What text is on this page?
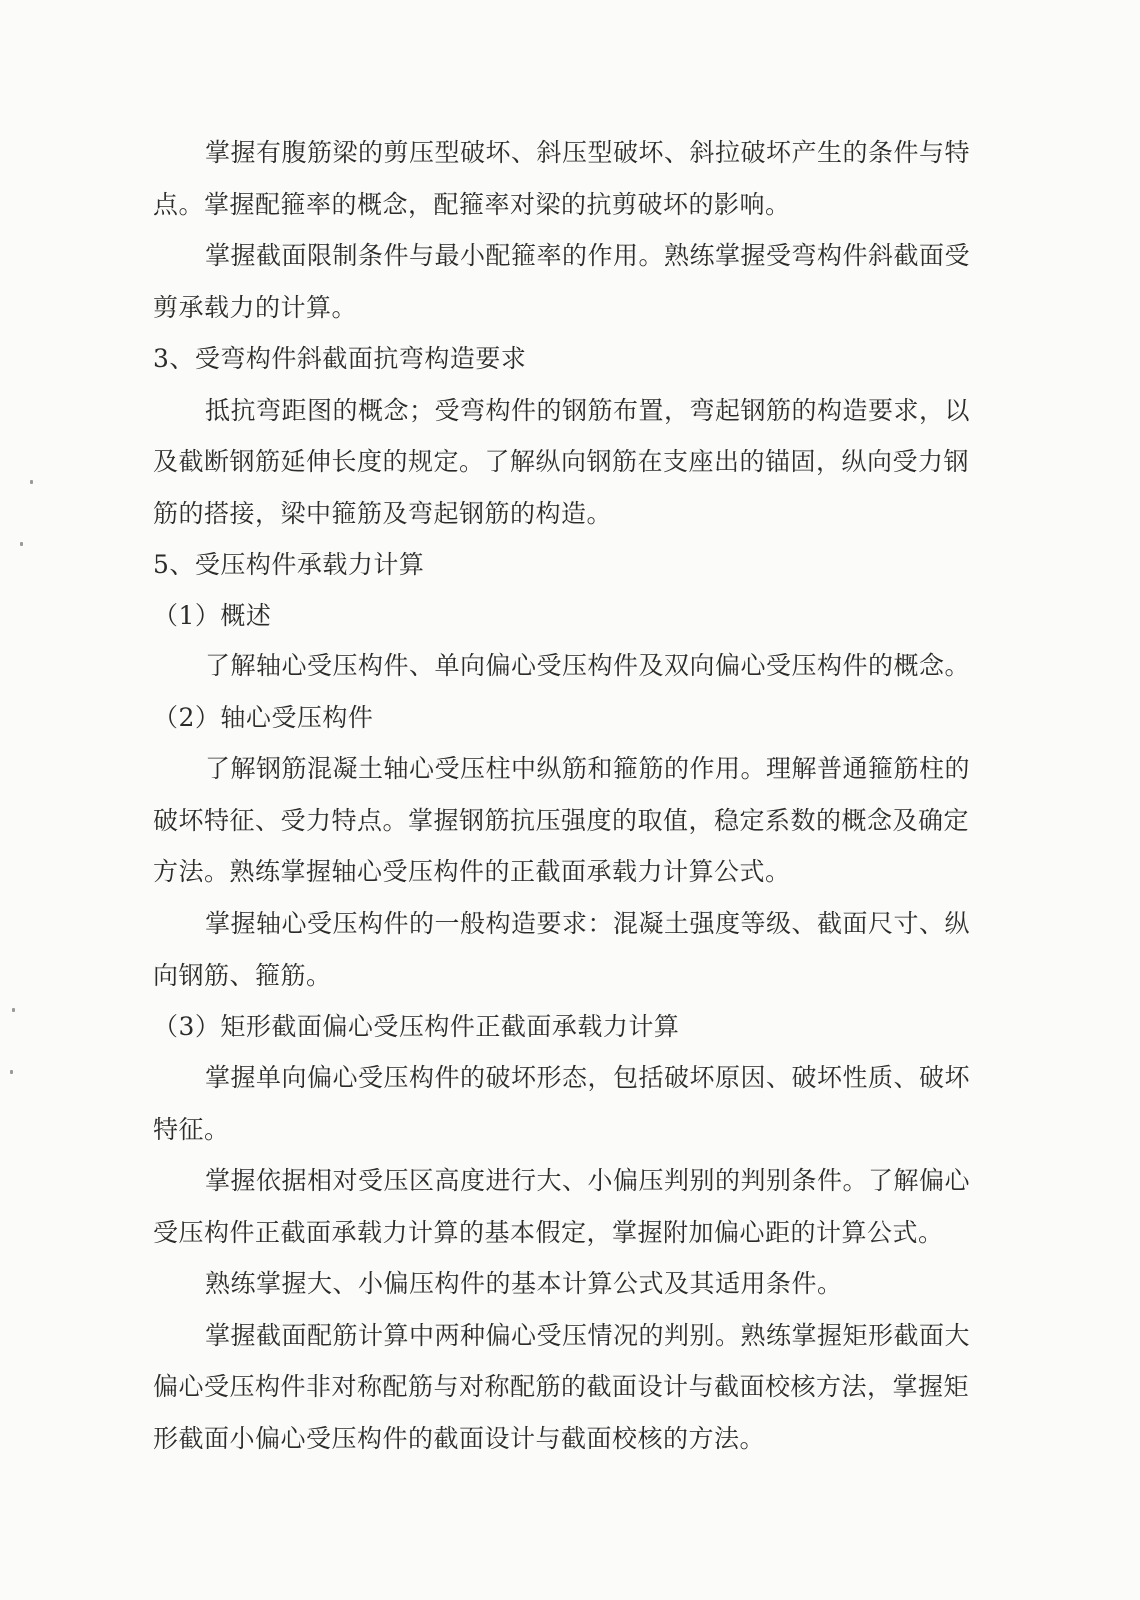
掌握有腹筋梁的剪压型破坏、斜压型破坏、斜拉破坏产生的条件与特
点。掌握配箍率的概念，配箍率对梁的抗剪破坏的影响。
掌握截面限制条件与最小配箍率的作用。熟练掌握受弯构件斜截面受
剪承载力的计算。
3、受弯构件斜截面抗弯构造要求
抵抗弯距图的概念；受弯构件的钢筋布置，弯起钢筋的构造要求，以
及截断钢筋延伸长度的规定。了解纵向钢筋在支座出的锚固，纵向受力钢
筋的搭接，梁中箍筋及弯起钢筋的构造。
5、受压构件承载力计算
（1）概述
了解轴心受压构件、单向偏心受压构件及双向偏心受压构件的概念。
（2）轴心受压构件
了解钢筋混凝土轴心受压柱中纵筋和箍筋的作用。理解普通箍筋柱的
破坏特征、受力特点。掌握钢筋抗压强度的取值，稳定系数的概念及确定
方法。熟练掌握轴心受压构件的正截面承载力计算公式。
掌握轴心受压构件的一般构造要求：混凝土强度等级、截面尺寸、纵
向钢筋、箍筋。
（3）矩形截面偏心受压构件正截面承载力计算
掌握单向偏心受压构件的破坏形态，包括破坏原因、破坏性质、破坏
特征。
掌握依据相对受压区高度进行大、小偏压判别的判别条件。了解偏心
受压构件正截面承载力计算的基本假定，掌握附加偏心距的计算公式。
熟练掌握大、小偏压构件的基本计算公式及其适用条件。
掌握截面配筋计算中两种偏心受压情况的判别。熟练掌握矩形截面大
偏心受压构件非对称配筋与对称配筋的截面设计与截面校核方法，掌握矩
形截面小偏心受压构件的截面设计与截面校核的方法。
